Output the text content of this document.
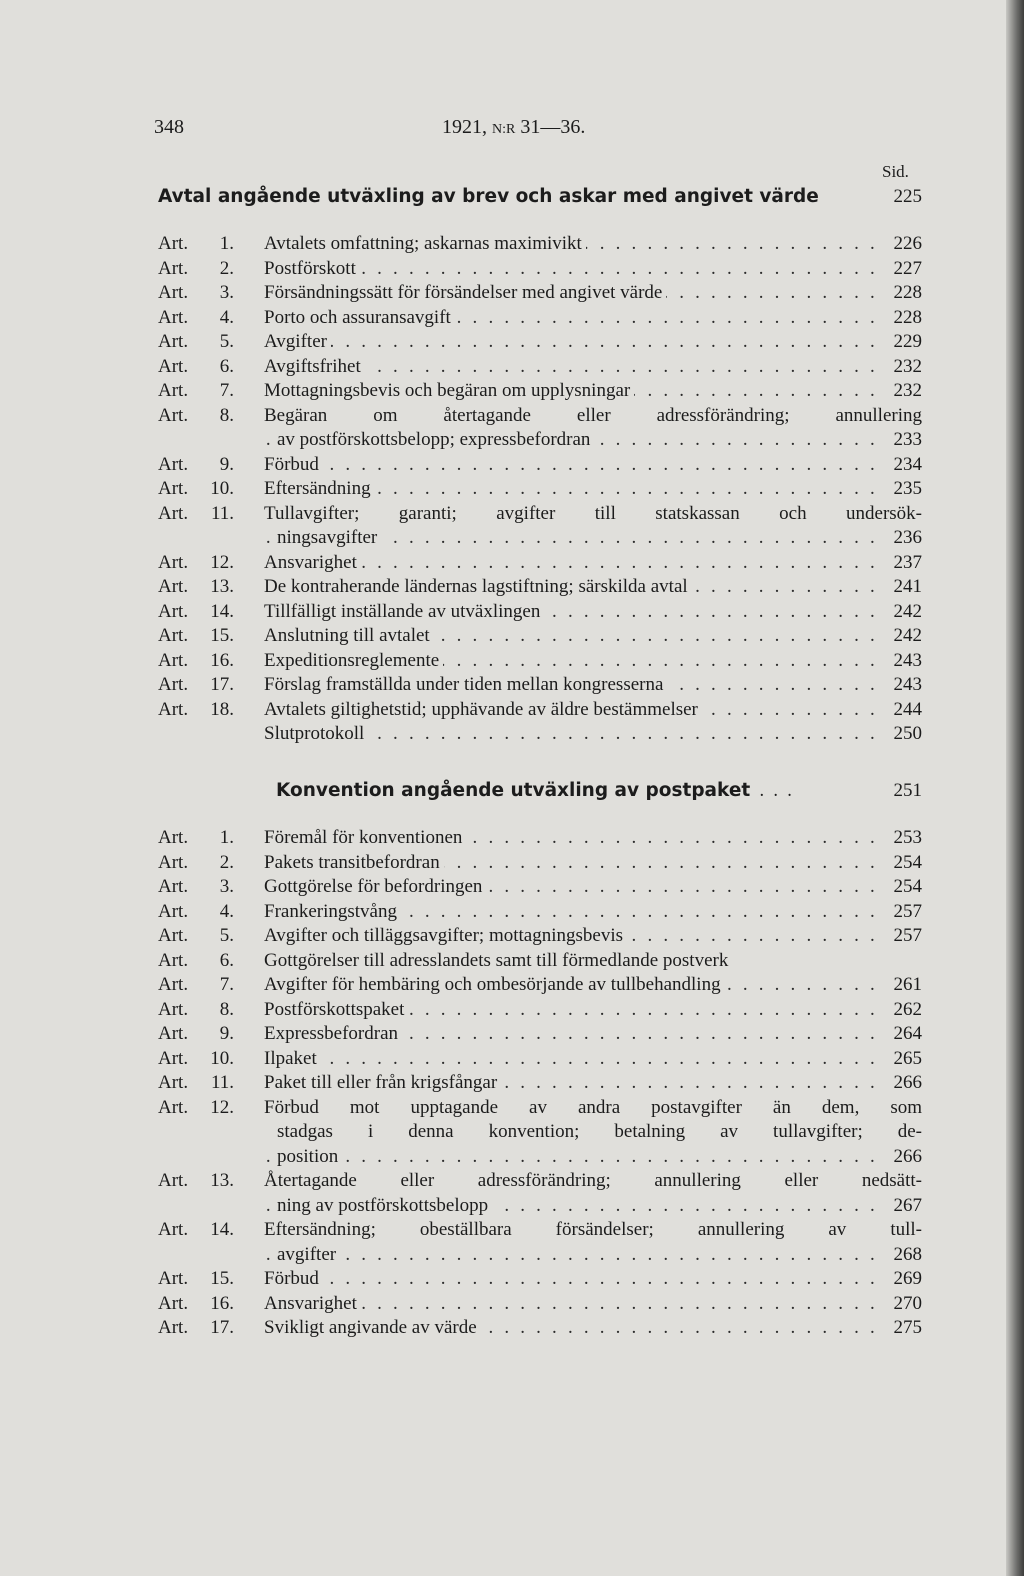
348	1921, N:R 31—36.
Sid.
Avtal angående utväxling av brev och askar med angivet värde	225
Art.	1. Avtalets omfattning; askarnas maximivikt . . .	226
Art.	2. Postförskott . . .	227
Art.	3. Försändningssätt för försändelser med angivet värde . . .	228
Art.	4. Porto och assuransavgift . . .	228
Art.	5. Avgifter . . .	229
Art.	6. Avgiftsfrihet . . .	232
Art.	7. Mottagningsbevis och begäran om upplysningar . . .	232
Art.	8. Begäran om återtagande eller adressförändring; annullering
av postförskottsbelopp; expressbefordran . . .	233
Art.	9. Förbud . . .	234
Art.	10. Eftersändning . . .	235
Art.	11. Tullavgifter; garanti; avgifter till statskassan och undersök-
ningsavgifter . . .	236
Art.	12. Ansvarighet . . .	237
Art.	13. De kontraherande ländernas lagstiftning; särskilda avtal . . .	241
Art.	14. Tillfälligt inställande av utväxlingen . . .	242
Art.	15. Anslutning till avtalet . . .	242
Art.	16. Expeditionsreglemente . . .	243
Art.	17. Förslag framställda under tiden mellan kongresserna . . .	243
Art.	18. Avtalets giltighetstid; upphävande av äldre bestämmelser . . .	244
Slutprotokoll . . .	250
Konvention angående utväxling av postpaket  .  .  .	251
Art.	1. Föremål för konventionen . . .	253
Art.	2. Pakets transitbefordran . . .	254
Art.	3. Gottgörelse för befordringen . . .	254
Art.	4. Frankeringstvång . . .	257
Art.	5. Avgifter och tilläggsavgifter; mottagningsbevis . . .	257
Art.	6. Gottgörelser till adresslandets samt till förmedlande postverk
Art.	7. Avgifter för hembäring och ombesörjande av tullbehandling . . .	261
Art.	8. Postförskottspaket . . .	262
Art.	9. Expressbefordran . . .	264
Art.	10. Ilpaket . . .	265
Art.	11. Paket till eller från krigsfångar . . .	266
Art.	12. Förbud mot upptagande av andra postavgifter än dem, som
stadgas i denna konvention; betalning av tullavgifter; de-
position . . .	266
Art.	13. Återtagande eller adressförändring; annullering eller nedsätt-
ning av postförskottsbelopp . . .	267
Art.	14. Eftersändning; obeställbara försändelser; annullering av tull-
avgifter . . .	268
Art.	15. Förbud . . .	269
Art.	16. Ansvarighet . . .	270
Art.	17. Svikligt angivande av värde . . .	275
